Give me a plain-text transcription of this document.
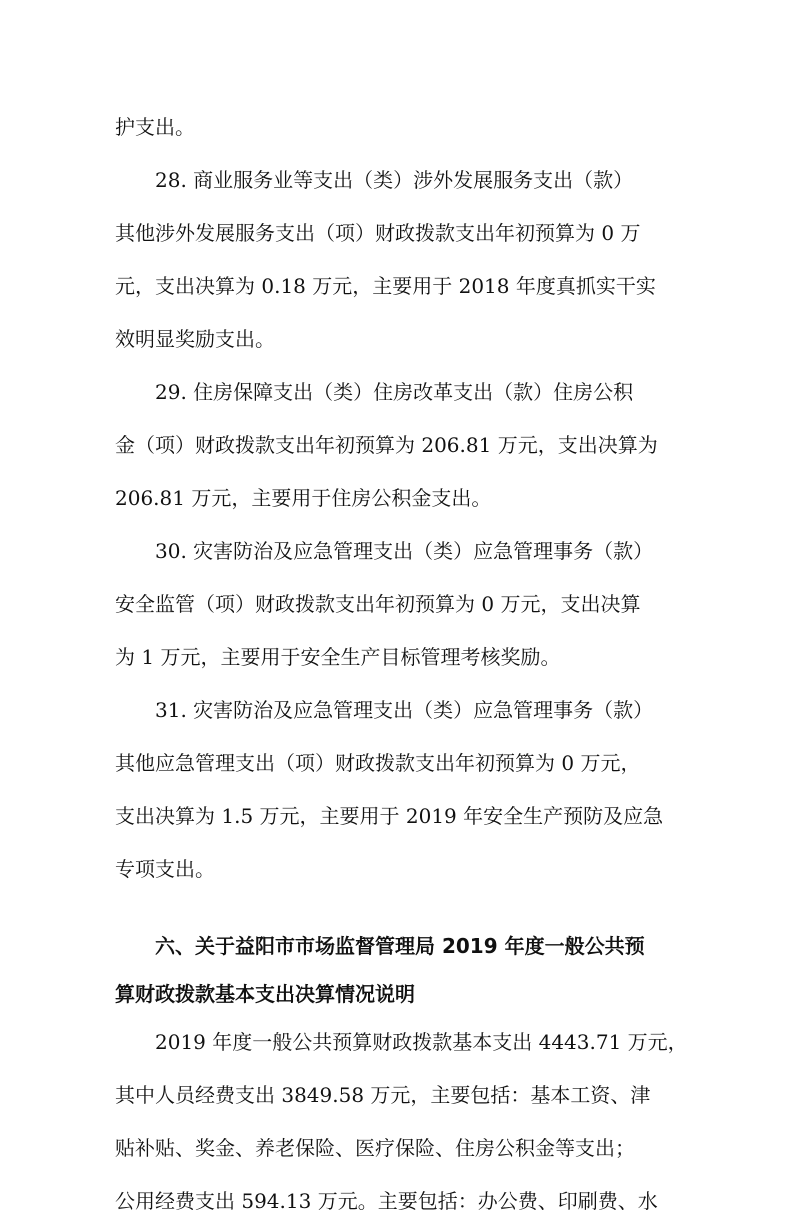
护支出。

　　28. 商业服务业等支出（类）涉外发展服务支出（款）
其他涉外发展服务支出（项）财政拨款支出年初预算为 0 万
元，支出决算为 0.18 万元，主要用于 2018 年度真抓实干实
效明显奖励支出。

　　29. 住房保障支出（类）住房改革支出（款）住房公积
金（项）财政拨款支出年初预算为 206.81 万元，支出决算为
206.81 万元，主要用于住房公积金支出。

　　30. 灾害防治及应急管理支出（类）应急管理事务（款）
安全监管（项）财政拨款支出年初预算为 0 万元，支出决算
为 1 万元，主要用于安全生产目标管理考核奖励。

　　31. 灾害防治及应急管理支出（类）应急管理事务（款）
其他应急管理支出（项）财政拨款支出年初预算为 0 万元，
支出决算为 1.5 万元，主要用于 2019 年安全生产预防及应急
专项支出。

　　六、关于益阳市市场监督管理局 2019 年度一般公共预
算财政拨款基本支出决算情况说明

　　2019 年度一般公共预算财政拨款基本支出 4443.71 万元，
其中人员经费支出 3849.58 万元，主要包括：基本工资、津
贴补贴、奖金、养老保险、医疗保险、住房公积金等支出；
公用经费支出 594.13 万元。主要包括：办公费、印刷费、水
